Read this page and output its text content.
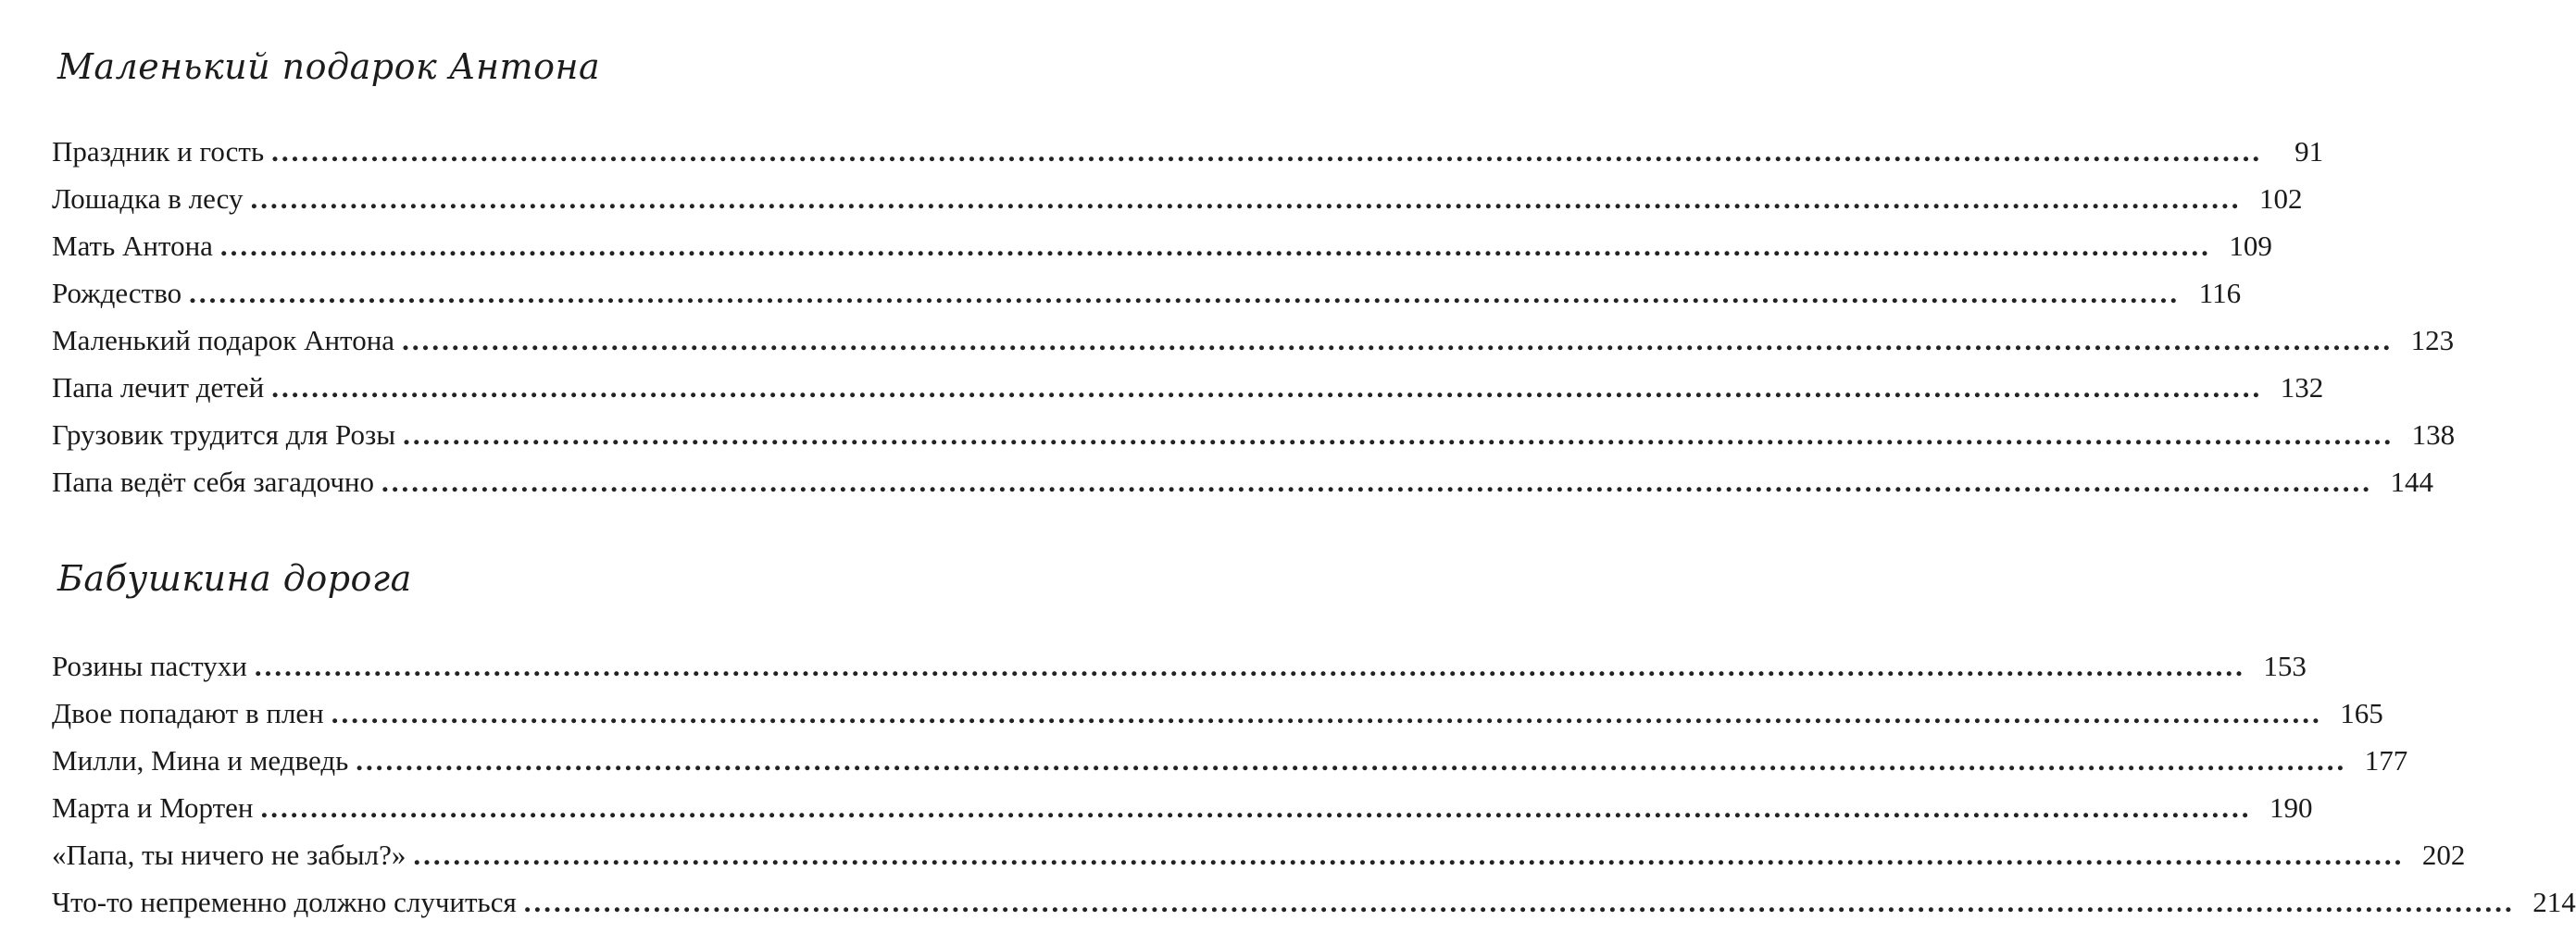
Маленький подарок Антона
Праздник и гость ........................................................................................................................................................................................................	91
Лошадка в лесу ........................................................................................................................................................................................................ 102
Мать Антона ........................................................................................................................................................................................................ 109
Рождество ........................................................................................................................................................................................................ 116
Маленький подарок Антона ........................................................................................................................................................................................................ 123
Папа лечит детей ........................................................................................................................................................................................................ 132
Грузовик трудится для Розы ........................................................................................................................................................................................................ 138
Папа ведёт себя загадочно ........................................................................................................................................................................................................ 144
Бабушкина дорога
Розины пастухи ........................................................................................................................................................................................................ 153
Двое попадают в плен ........................................................................................................................................................................................................ 165
Милли, Мина и медведь ........................................................................................................................................................................................................ 177
Марта и Мортен ........................................................................................................................................................................................................ 190
«Папа, ты ничего не забыл?» ........................................................................................................................................................................................................ 202
Что-то непременно должно случиться ........................................................................................................................................................................................................ 214
